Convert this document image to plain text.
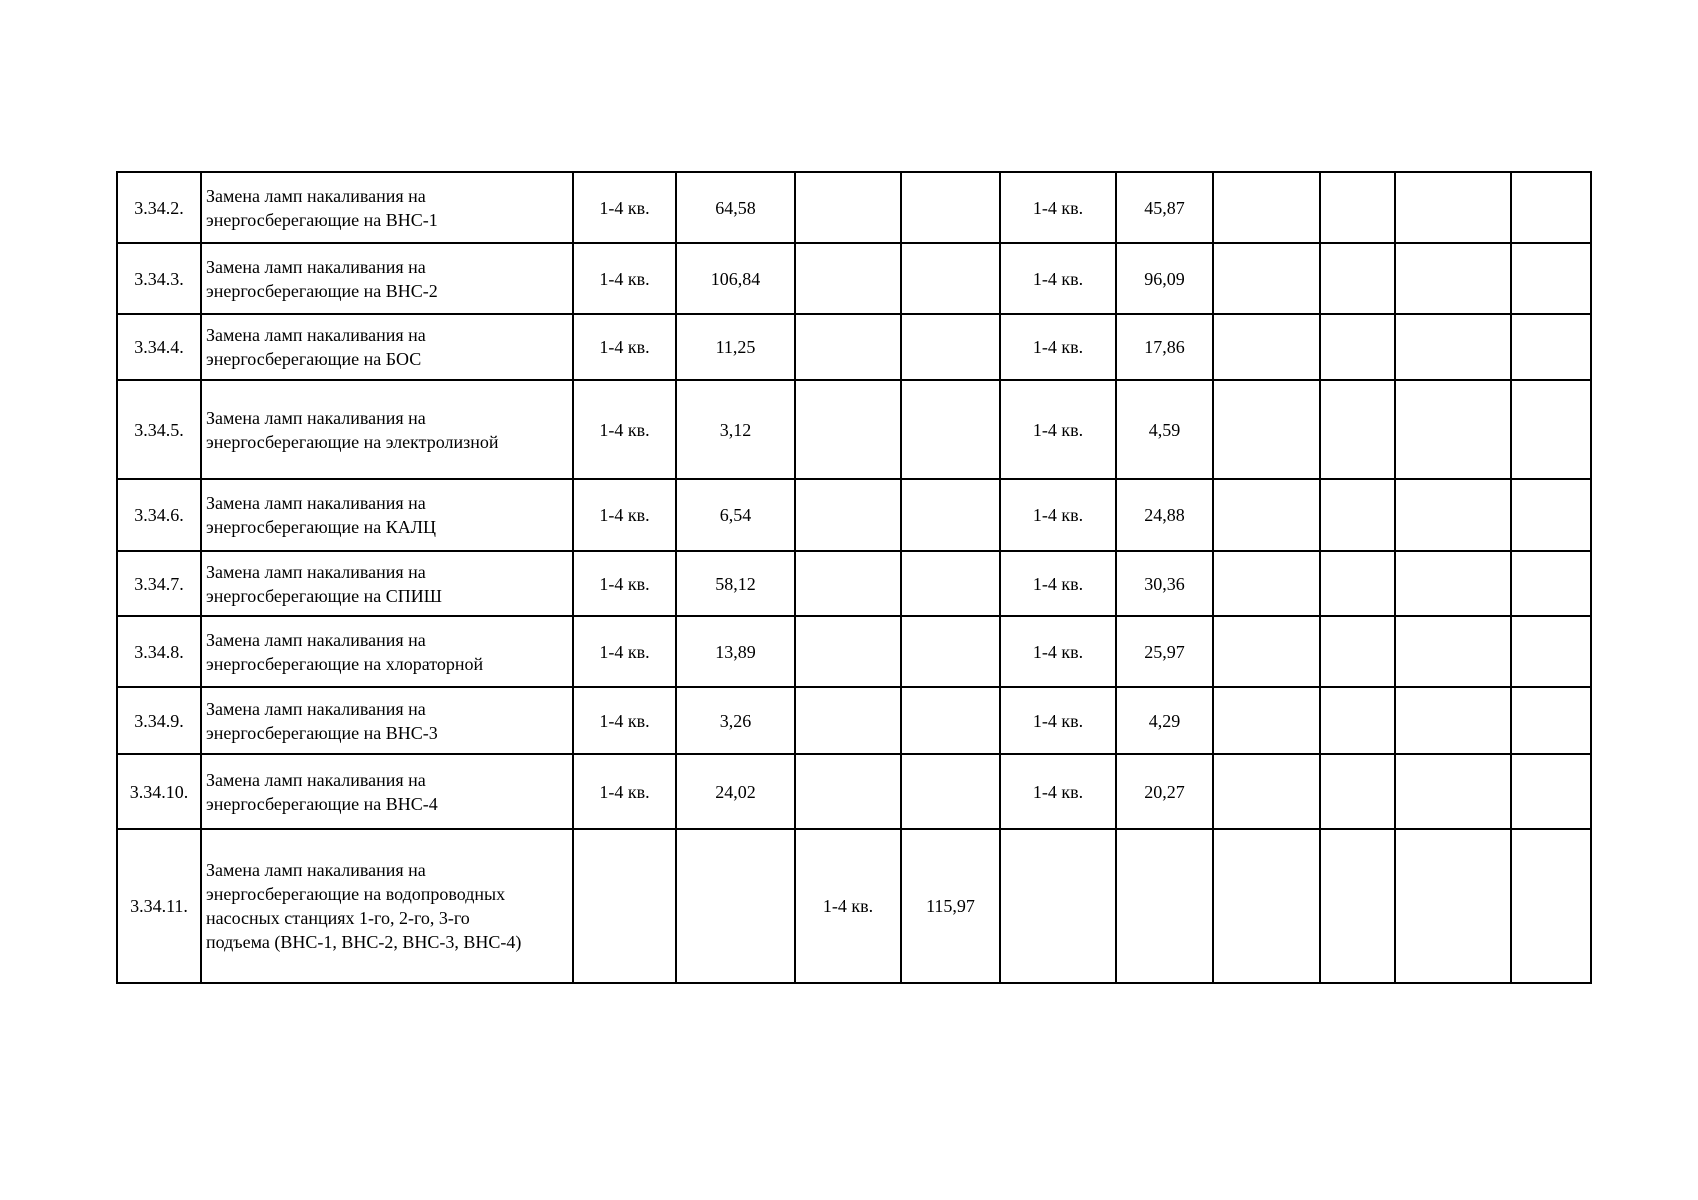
3.34.2.	Замена ламп накаливания на
энергосберегающие на ВНС-1	1-4 кв.	64,58			1-4 кв.	45,87				
3.34.3.	Замена ламп накаливания на
энергосберегающие на ВНС-2	1-4 кв.	106,84			1-4 кв.	96,09				
3.34.4.	Замена ламп накаливания на
энергосберегающие на БОС	1-4 кв.	11,25			1-4 кв.	17,86				
3.34.5.	Замена ламп накаливания на
энергосберегающие на электролизной	1-4 кв.	3,12			1-4 кв.	4,59				
3.34.6.	Замена ламп накаливания на
энергосберегающие на КАЛЦ	1-4 кв.	6,54			1-4 кв.	24,88				
3.34.7.	Замена ламп накаливания на
энергосберегающие на СПИШ	1-4 кв.	58,12			1-4 кв.	30,36				
3.34.8.	Замена ламп накаливания на
энергосберегающие на хлораторной	1-4 кв.	13,89			1-4 кв.	25,97				
3.34.9.	Замена ламп накаливания на
энергосберегающие на ВНС-3	1-4 кв.	3,26			1-4 кв.	4,29				
3.34.10.	Замена ламп накаливания на
энергосберегающие на ВНС-4	1-4 кв.	24,02			1-4 кв.	20,27				
3.34.11.	Замена ламп накаливания на
энергосберегающие на водопроводных
насосных станциях 1-го, 2-го, 3-го
подъема (ВНС-1, ВНС-2, ВНС-3, ВНС-4)			1-4 кв.	115,97						
